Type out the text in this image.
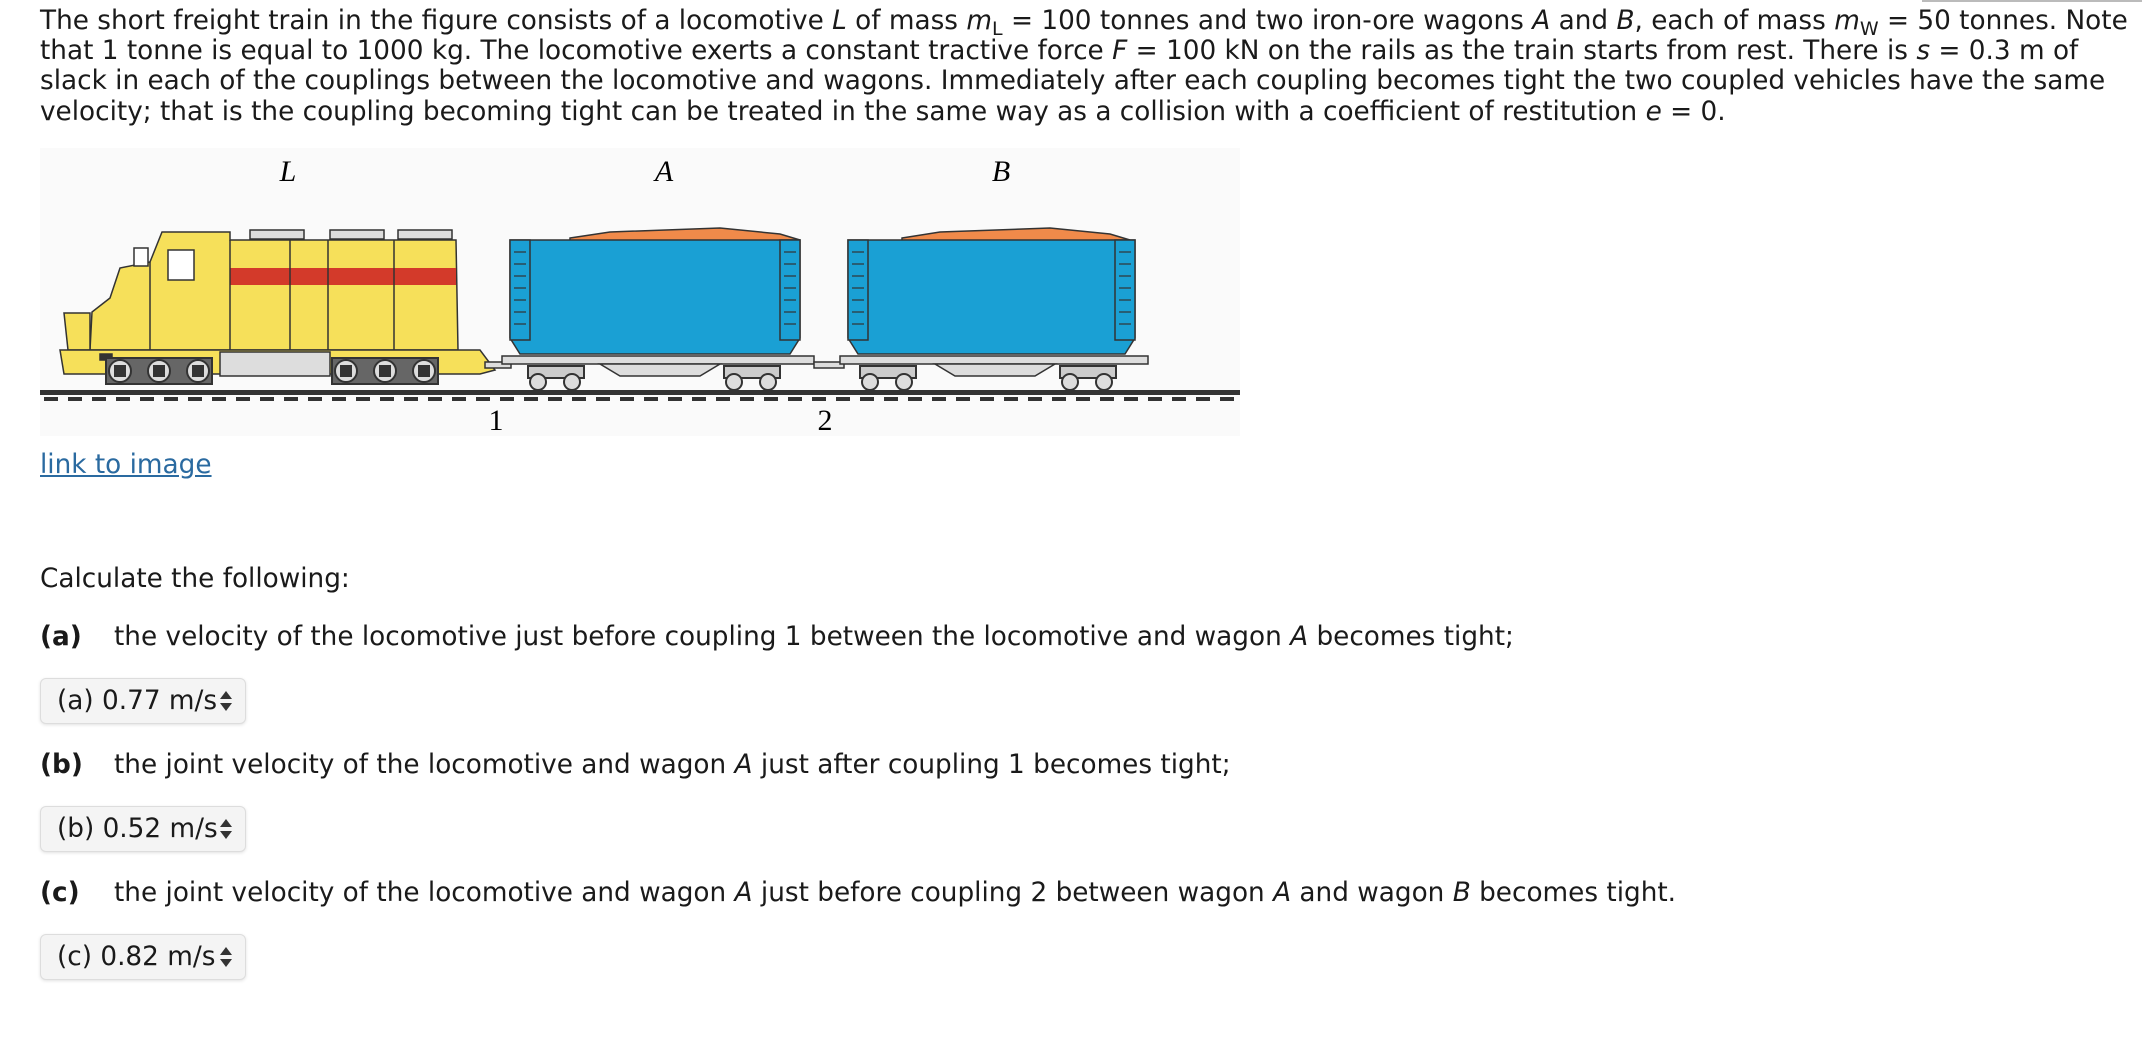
The short freight train in the figure consists of a locomotive L of mass $m_L = 100$ tonnes and two iron-ore wagons A and B, each of mass $m_W = 50$ tonnes. Note that 1 tonne is equal to 1000 kg. The locomotive exerts a constant tractive force F = 100 kN on the rails as the train starts from rest. There is s = 0.3 m of slack in each of the couplings between the locomotive and wagons. Immediately after each coupling becomes tight the two coupled vehicles have the same velocity; that is the coupling becoming tight can be treated in the same way as a collision with a coefficient of restitution e = 0.
L	A	B
1	2
link to image
Calculate the following:
(a) the velocity of the locomotive just before coupling 1 between the locomotive and wagon A becomes tight;
(a) 0.77 m/s
(b) the joint velocity of the locomotive and wagon A just after coupling 1 becomes tight;
(b) 0.52 m/s
(c) the joint velocity of the locomotive and wagon A just before coupling 2 between wagon A and wagon B becomes tight.
(c) 0.82 m/s
